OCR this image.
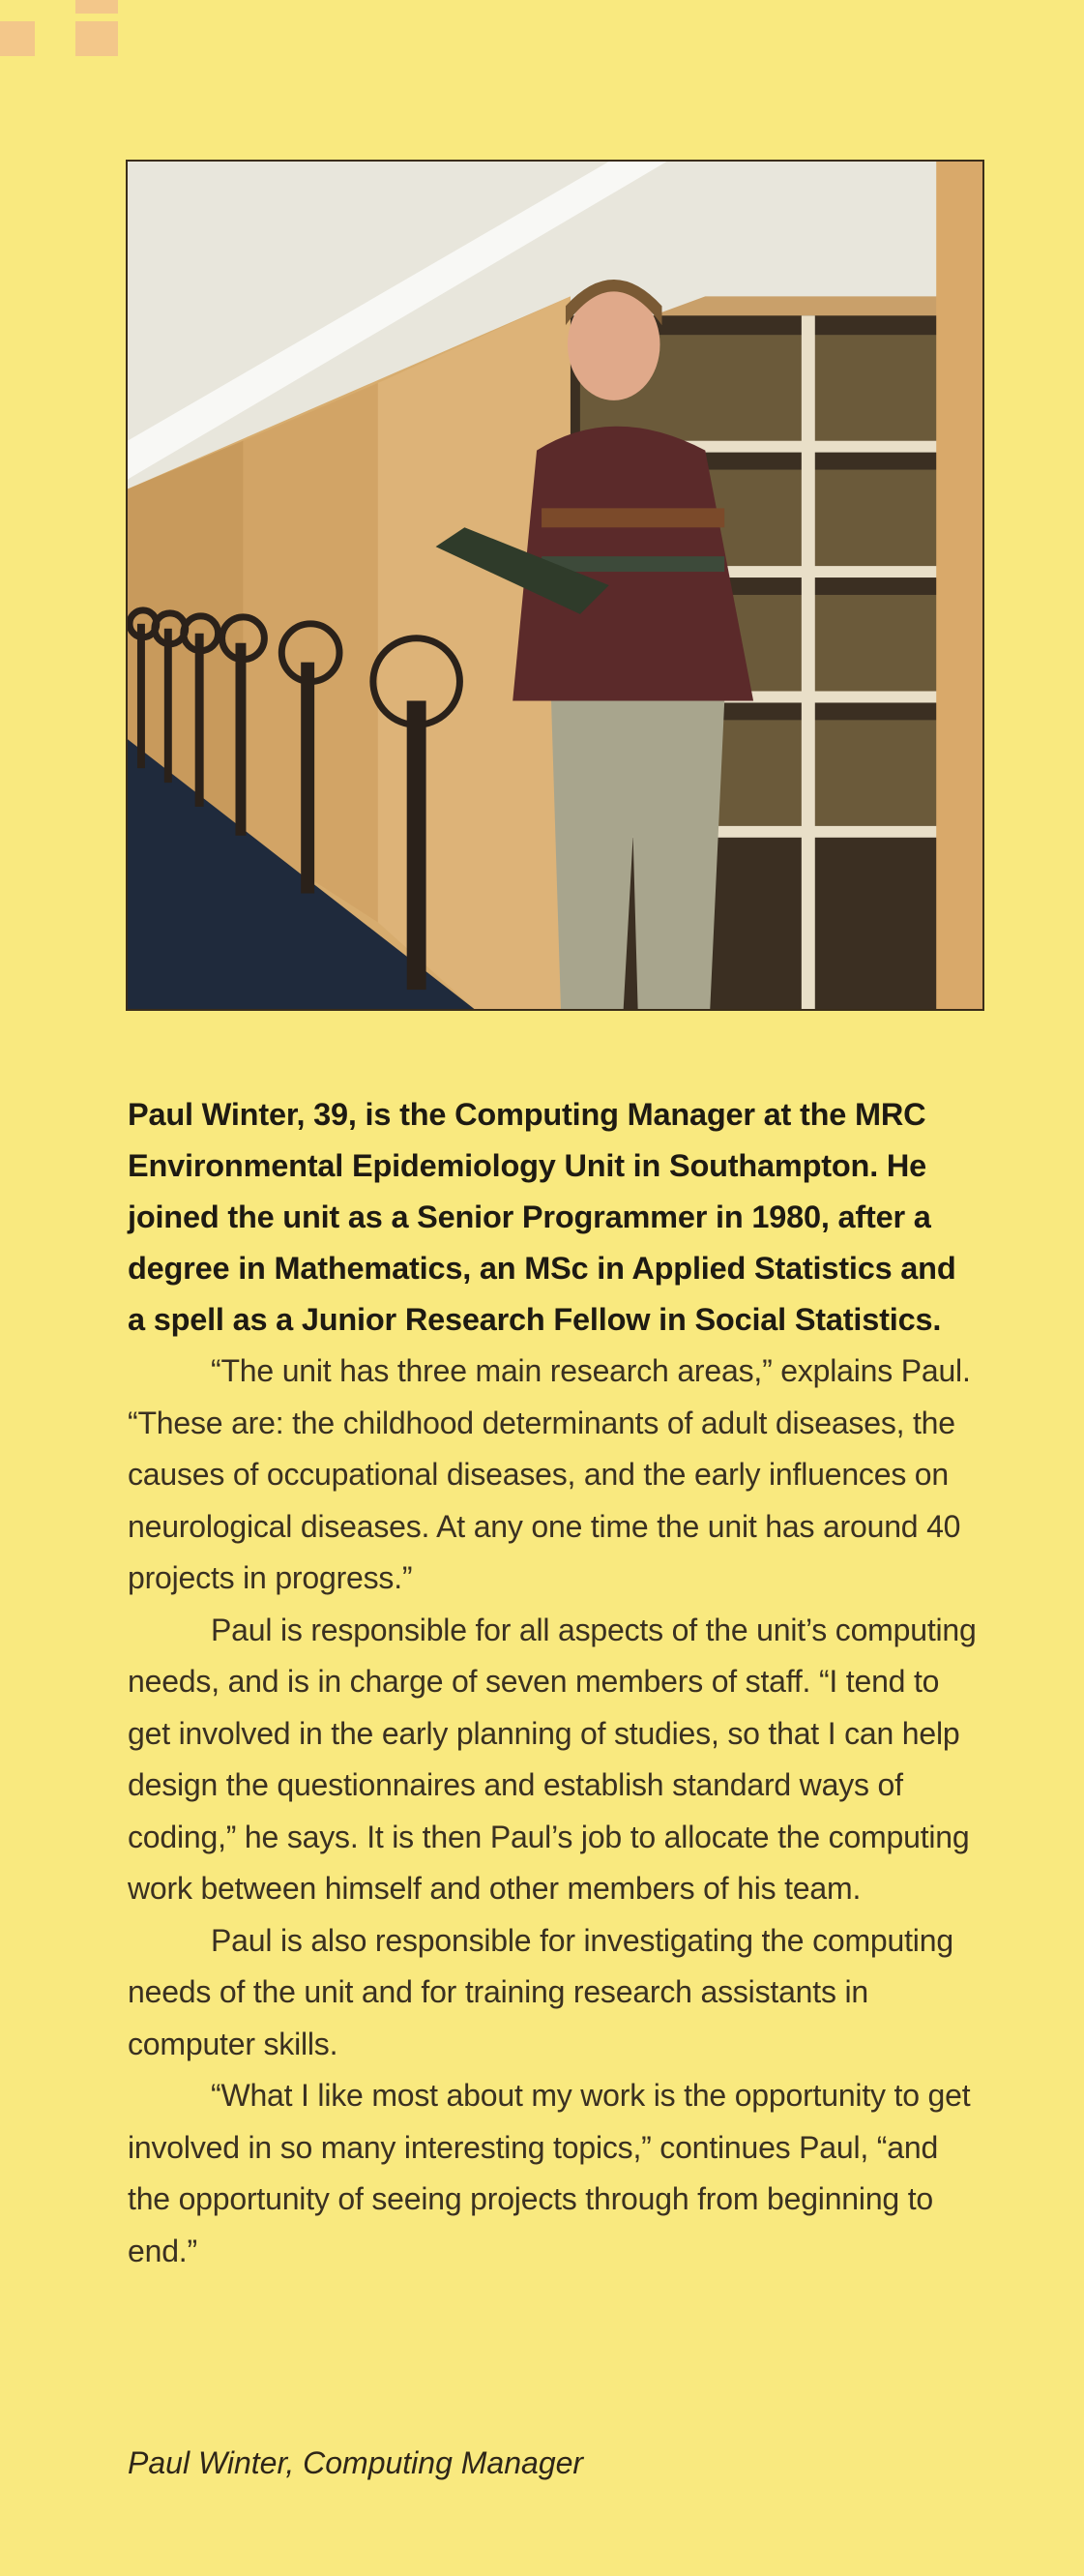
Paul Winter, 39, is the Computing Manager at the MRC Environmental Epidemiology Unit in Southampton. He joined the unit as a Senior Programmer in 1980, after a degree in Mathematics, an MSc in Applied Statistics and a spell as a Junior Research Fellow in Social Statistics.

“The unit has three main research areas,” explains Paul. “These are: the childhood determinants of adult diseases, the causes of occupational diseases, and the early influences on neurological diseases. At any one time the unit has around 40 projects in progress.”

Paul is responsible for all aspects of the unit’s computing needs, and is in charge of seven members of staff. “I tend to get involved in the early planning of studies, so that I can help design the questionnaires and establish standard ways of coding,” he says. It is then Paul’s job to allocate the computing work between himself and other members of his team.

Paul is also responsible for investigating the computing needs of the unit and for training research assistants in computer skills.

“What I like most about my work is the opportunity to get involved in so many interesting topics,” continues Paul, “and the opportunity of seeing projects through from beginning to end.”

Paul Winter, Computing Manager
